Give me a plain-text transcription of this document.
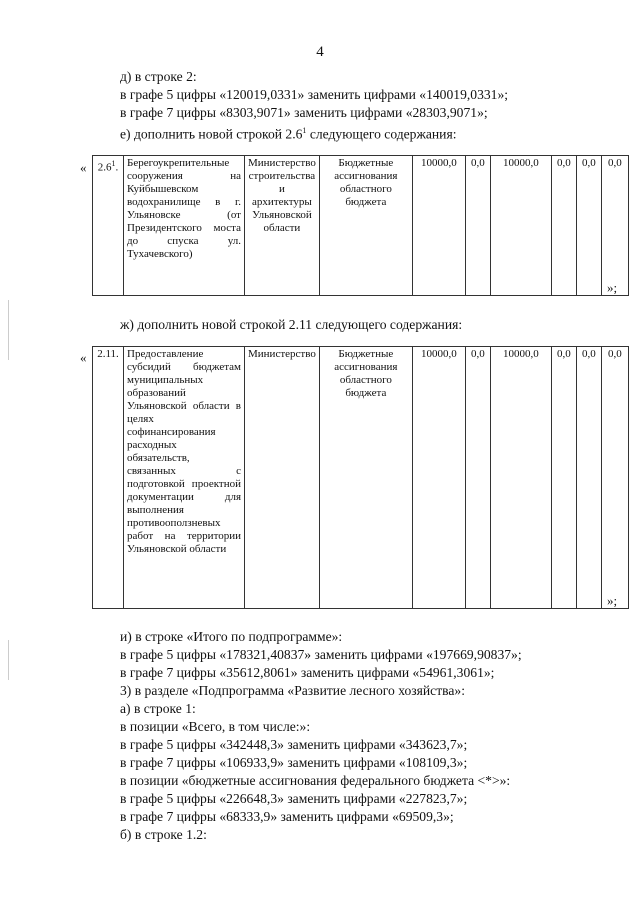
4
д) в строке 2:
в графе 5 цифры «120019,0331» заменить цифрами «140019,0331»;
в графе 7 цифры «8303,9071» заменить цифрами «28303,9071»;
е) дополнить новой строкой $2.6^1$ следующего содержания:
« $2.6^1$.	Берегоукрепительные сооружения на Куйбышевском водохранилище в г. Ульяновске (от Президентского моста до спуска ул. Тухачевского)	Министерство строительства и архитектуры Ульяновской области	Бюджетные ассигнования областного бюджета	10000,0	0,0	10000,0	0,0	0,0	0,0
»;
ж) дополнить новой строкой 2.11 следующего содержания:
« 2.11.	Предоставление субсидий бюджетам муниципальных образований Ульяновской области в целях софинансирования расходных обязательств, связанных с подготовкой проектной документации для выполнения противооползневых работ на территории Ульяновской области	Министерство	Бюджетные ассигнования областного бюджета	10000,0	0,0	10000,0	0,0	0,0	0,0
»;
и) в строке «Итого по подпрограмме»:
в графе 5 цифры «178321,40837» заменить цифрами «197669,90837»;
в графе 7 цифры «35612,8061» заменить цифрами «54961,3061»;
3) в разделе «Подпрограмма «Развитие лесного хозяйства»:
а) в строке 1:
в позиции «Всего, в том числе:»:
в графе 5 цифры «342448,3» заменить цифрами «343623,7»;
в графе 7 цифры «106933,9» заменить цифрами «108109,3»;
в позиции «бюджетные ассигнования федерального бюджета <*>»:
в графе 5 цифры «226648,3» заменить цифрами «227823,7»;
в графе 7 цифры «68333,9» заменить цифрами «69509,3»;
б) в строке 1.2:
